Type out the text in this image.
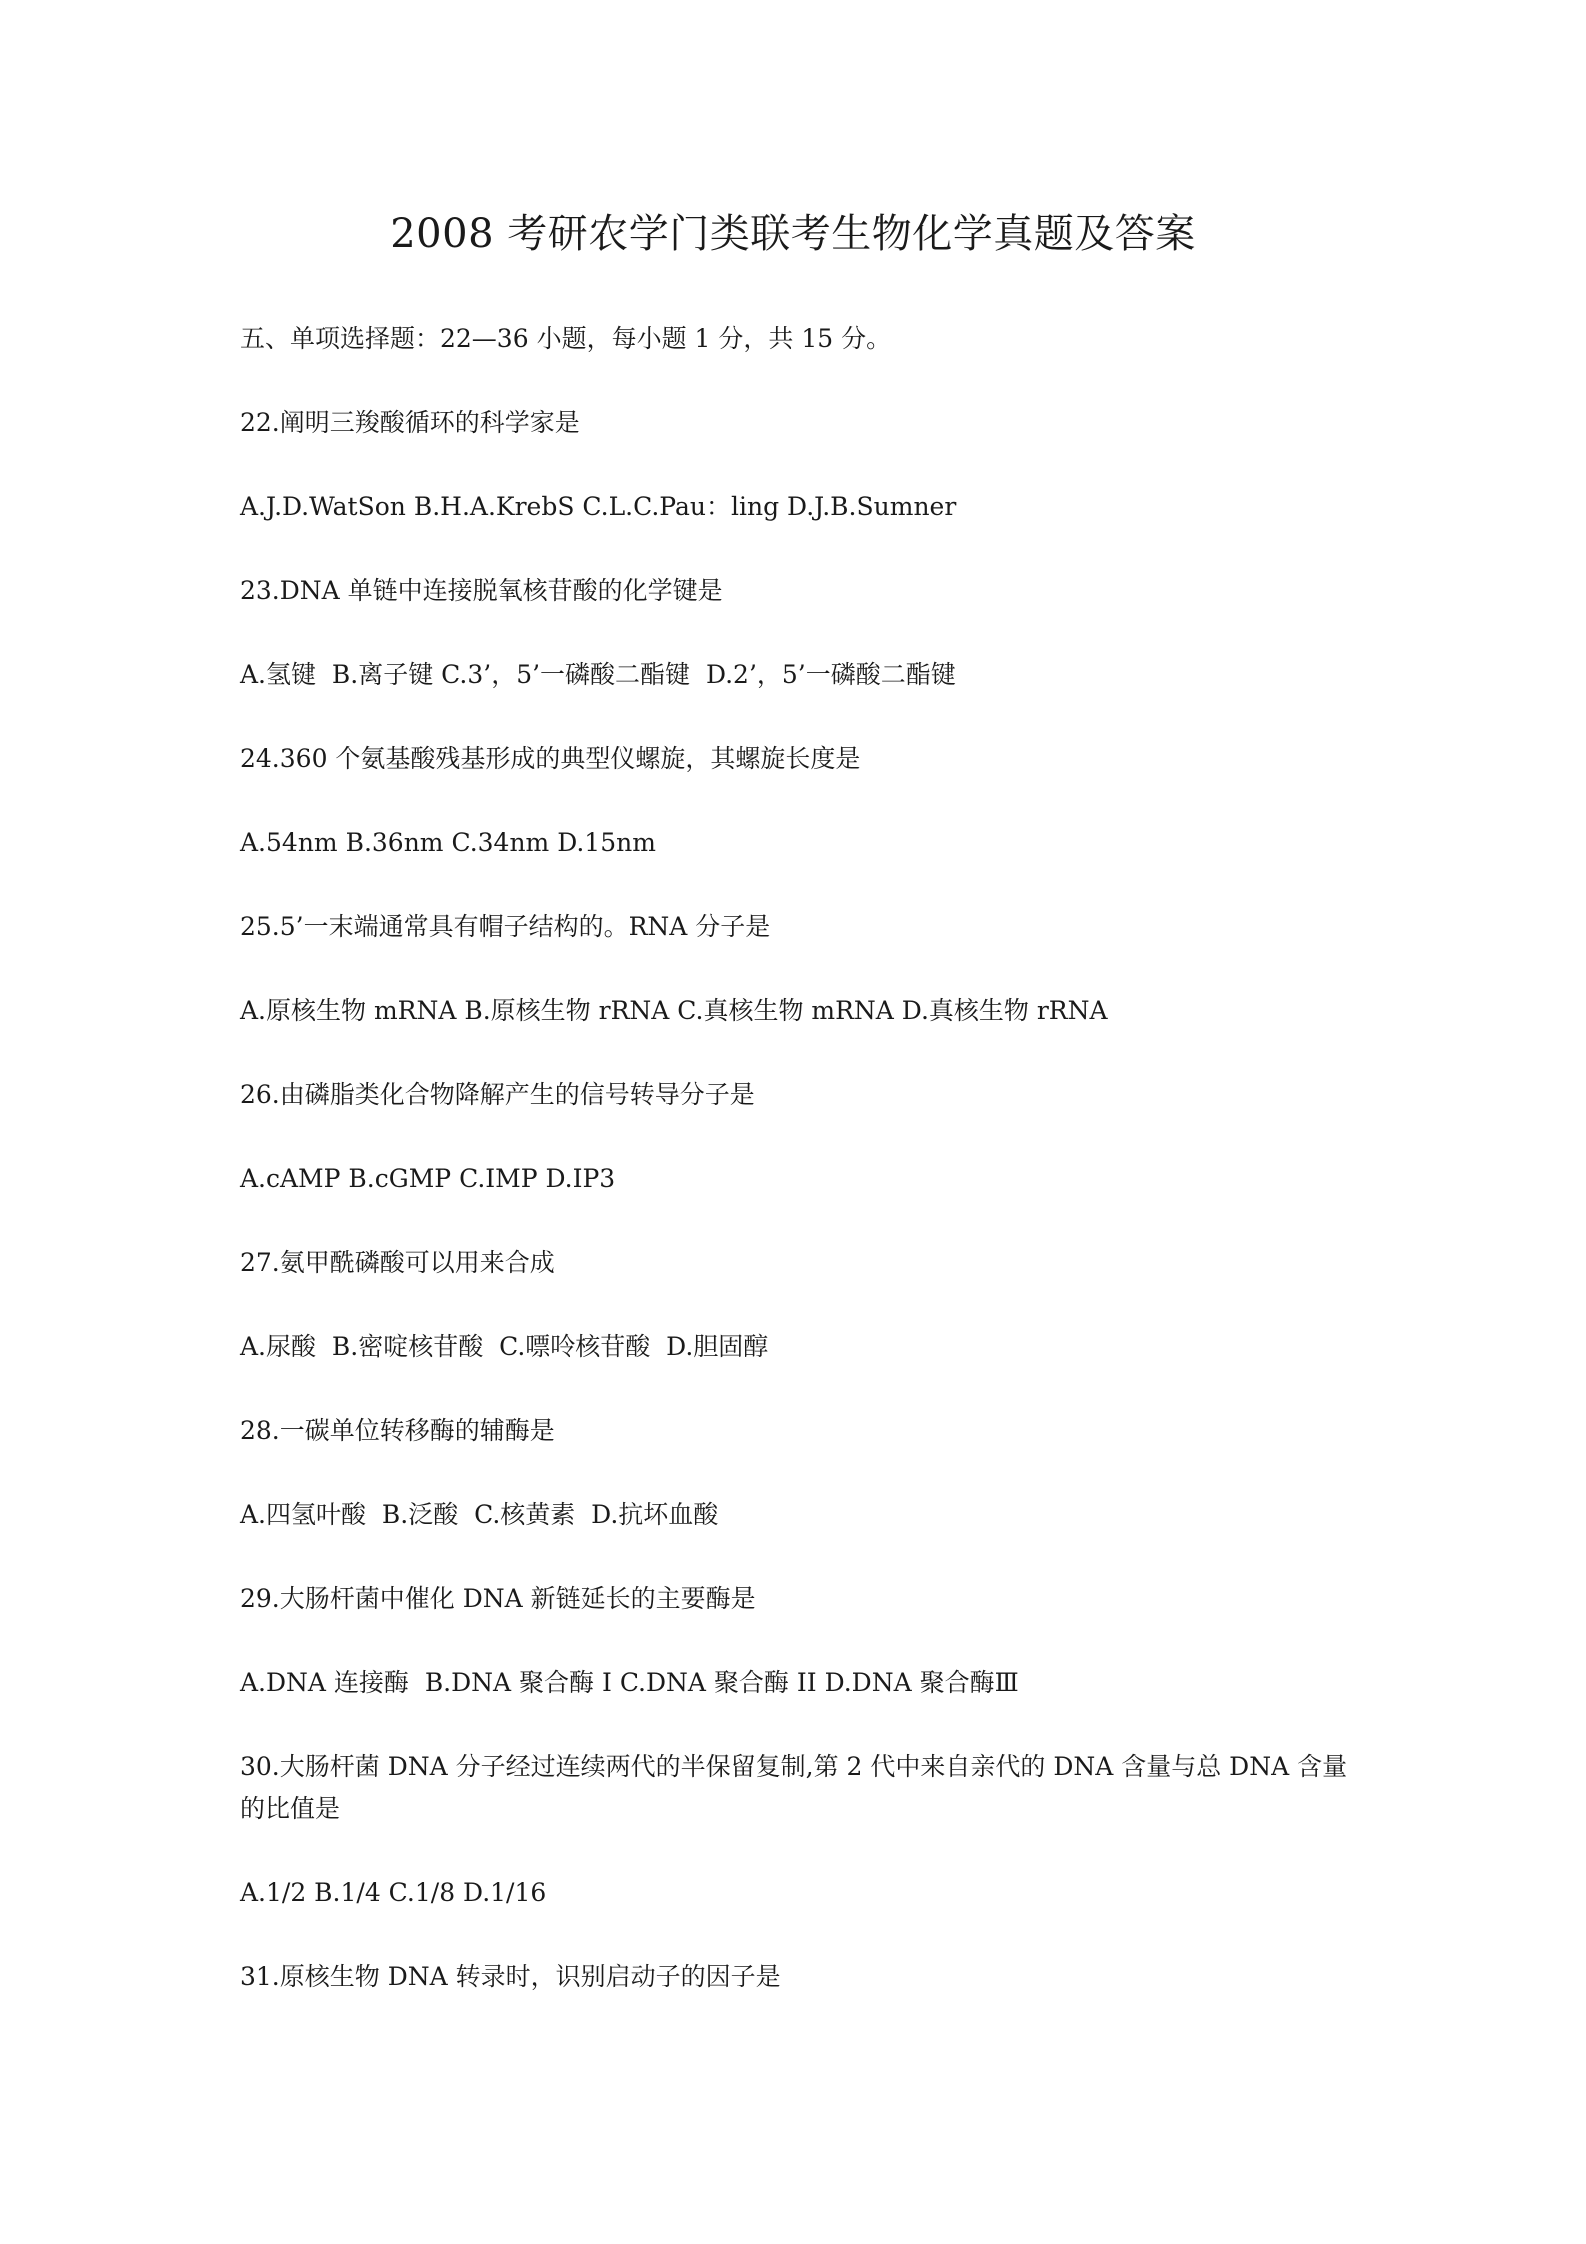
2008 考研农学门类联考生物化学真题及答案
五、单项选择题：22—36 小题，每小题 1 分，共 15 分。
22.阐明三羧酸循环的科学家是
A.J.D.WatSon B.H.A.KrebS C.L.C.Pau：ling D.J.B.Sumner
23.DNA 单链中连接脱氧核苷酸的化学键是
A.氢键  B.离子键 C.3’，5’一磷酸二酯键  D.2’，5’一磷酸二酯键
24.360 个氨基酸残基形成的典型仪螺旋，其螺旋长度是
A.54nm B.36nm C.34nm D.15nm
25.5’一末端通常具有帽子结构的。RNA 分子是
A.原核生物 mRNA B.原核生物 rRNA C.真核生物 mRNA D.真核生物 rRNA
26.由磷脂类化合物降解产生的信号转导分子是
A.cAMP B.cGMP C.IMP D.IP3
27.氨甲酰磷酸可以用来合成
A.尿酸  B.密啶核苷酸  C.嘌呤核苷酸  D.胆固醇
28.一碳单位转移酶的辅酶是
A.四氢叶酸  B.泛酸  C.核黄素  D.抗坏血酸
29.大肠杆菌中催化 DNA 新链延长的主要酶是
A.DNA 连接酶  B.DNA 聚合酶 I C.DNA 聚合酶 II D.DNA 聚合酶Ⅲ
30.大肠杆菌 DNA 分子经过连续两代的半保留复制,第 2 代中来自亲代的 DNA 含量与总 DNA 含量的比值是
A.1/2 B.1/4 C.1/8 D.1/16
31.原核生物 DNA 转录时，识别启动子的因子是
